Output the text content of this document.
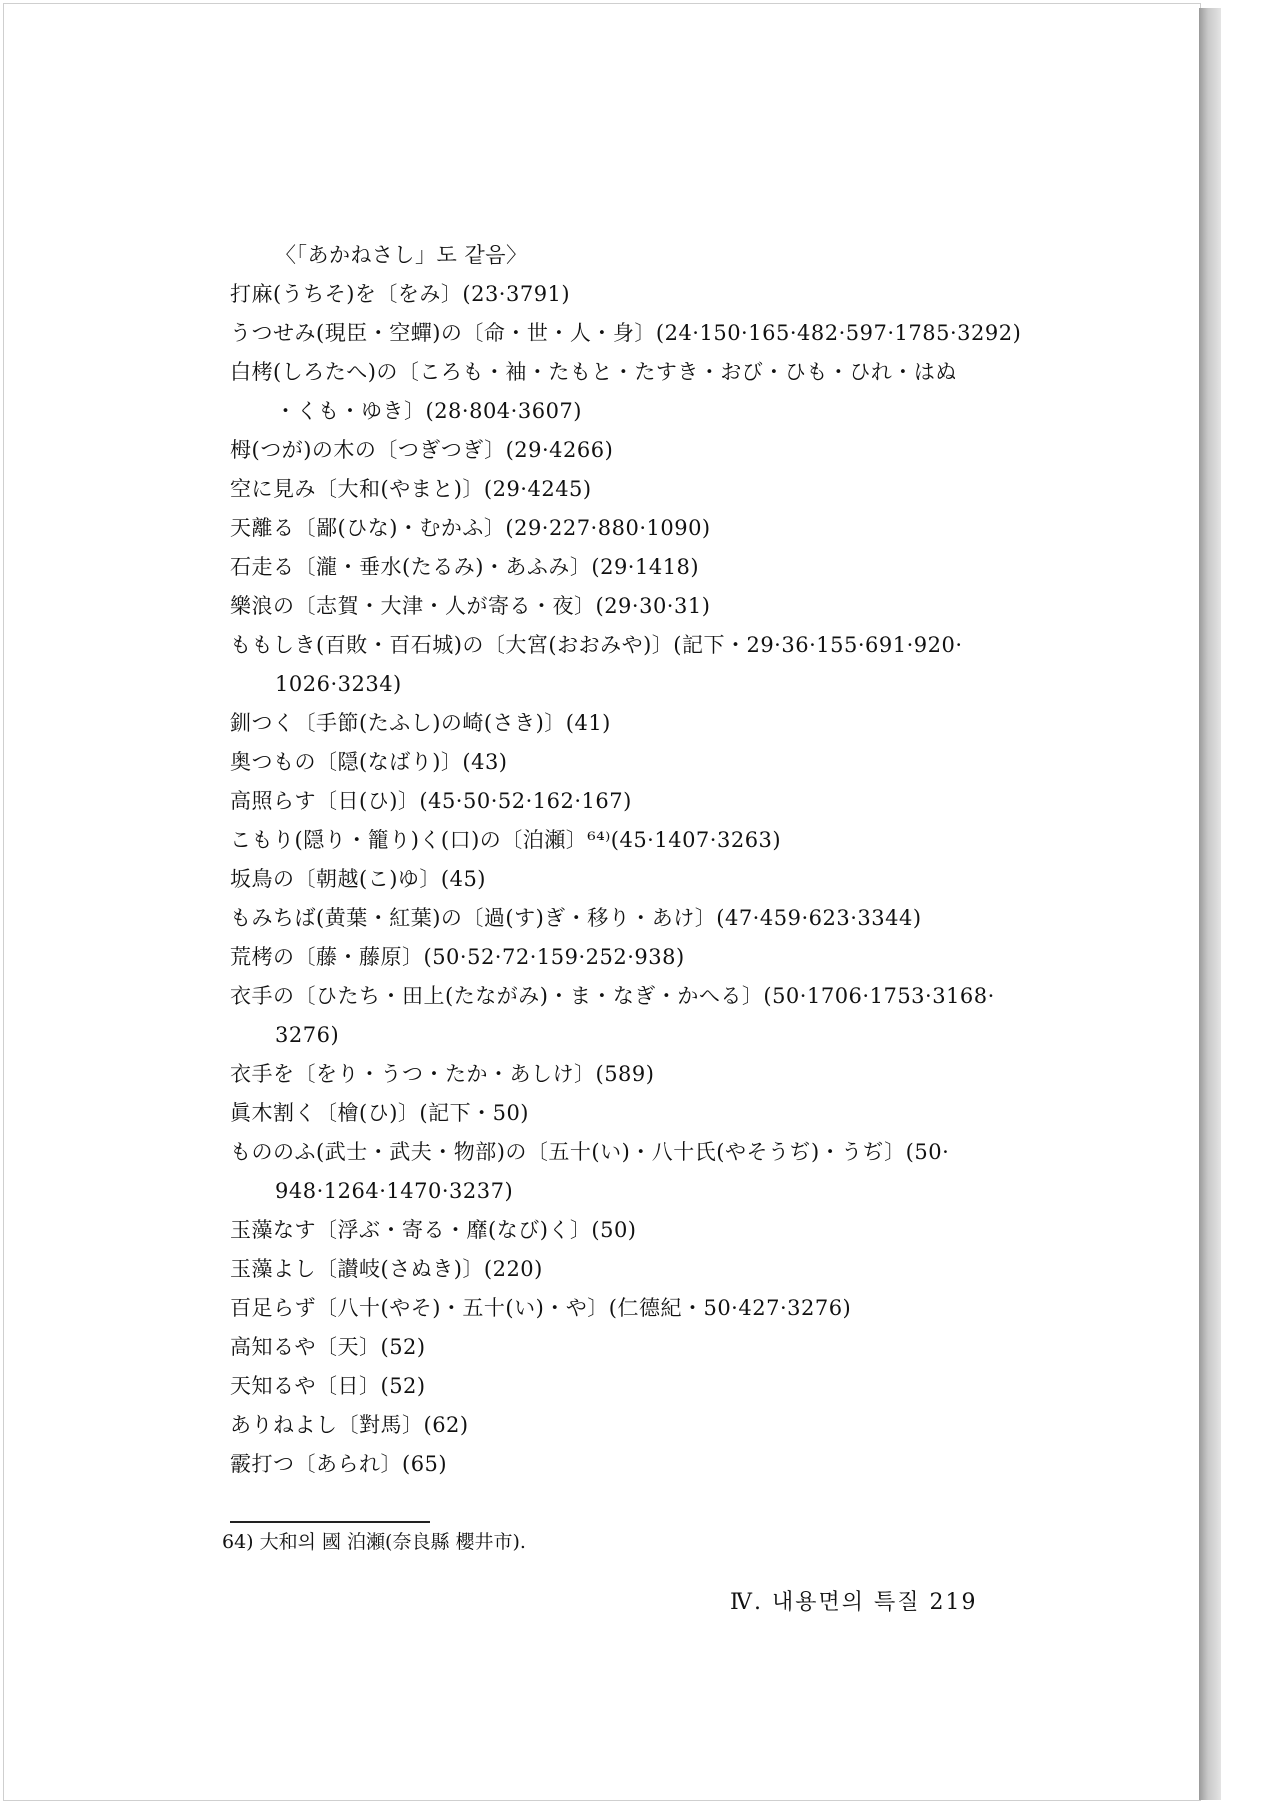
〈「あかねさし」도 같음〉
打麻(うちそ)を〔をみ〕(23·3791)
うつせみ(現臣・空蟬)の〔命・世・人・身〕(24·150·165·482·597·1785·3292)
白栲(しろたへ)の〔ころも・袖・たもと・たすき・おび・ひも・ひれ・はぬ
・くも・ゆき〕(28·804·3607)
栂(つが)の木の〔つぎつぎ〕(29·4266)
空に見み〔大和(やまと)〕(29·4245)
天離る〔鄙(ひな)・むかふ〕(29·227·880·1090)
石走る〔瀧・垂水(たるみ)・あふみ〕(29·1418)
樂浪の〔志賀・大津・人が寄る・夜〕(29·30·31)
ももしき(百敗・百石城)の〔大宮(おおみや)〕(記下・29·36·155·691·920·
1026·3234)
釧つく〔手節(たふし)の崎(さき)〕(41)
奥つもの〔隠(なばり)〕(43)
高照らす〔日(ひ)〕(45·50·52·162·167)
こもり(隠り・籠り)く(口)の〔泊瀬〕⁶⁴⁾(45·1407·3263)
坂鳥の〔朝越(こ)ゆ〕(45)
もみちば(黄葉・紅葉)の〔過(す)ぎ・移り・あけ〕(47·459·623·3344)
荒栲の〔藤・藤原〕(50·52·72·159·252·938)
衣手の〔ひたち・田上(たながみ)・ま・なぎ・かへる〕(50·1706·1753·3168·
3276)
衣手を〔をり・うつ・たか・あしけ〕(589)
眞木割く〔檜(ひ)〕(記下・50)
もののふ(武士・武夫・物部)の〔五十(い)・八十氏(やそうぢ)・うぢ〕(50·
948·1264·1470·3237)
玉藻なす〔浮ぶ・寄る・靡(なび)く〕(50)
玉藻よし〔讃岐(さぬき)〕(220)
百足らず〔八十(やそ)・五十(い)・や〕(仁德紀・50·427·3276)
高知るや〔天〕(52)
天知るや〔日〕(52)
ありねよし〔對馬〕(62)
霰打つ〔あられ〕(65)
64) 大和의 國 泊瀬(奈良縣 櫻井市).
Ⅳ. 내용면의 특질 219
